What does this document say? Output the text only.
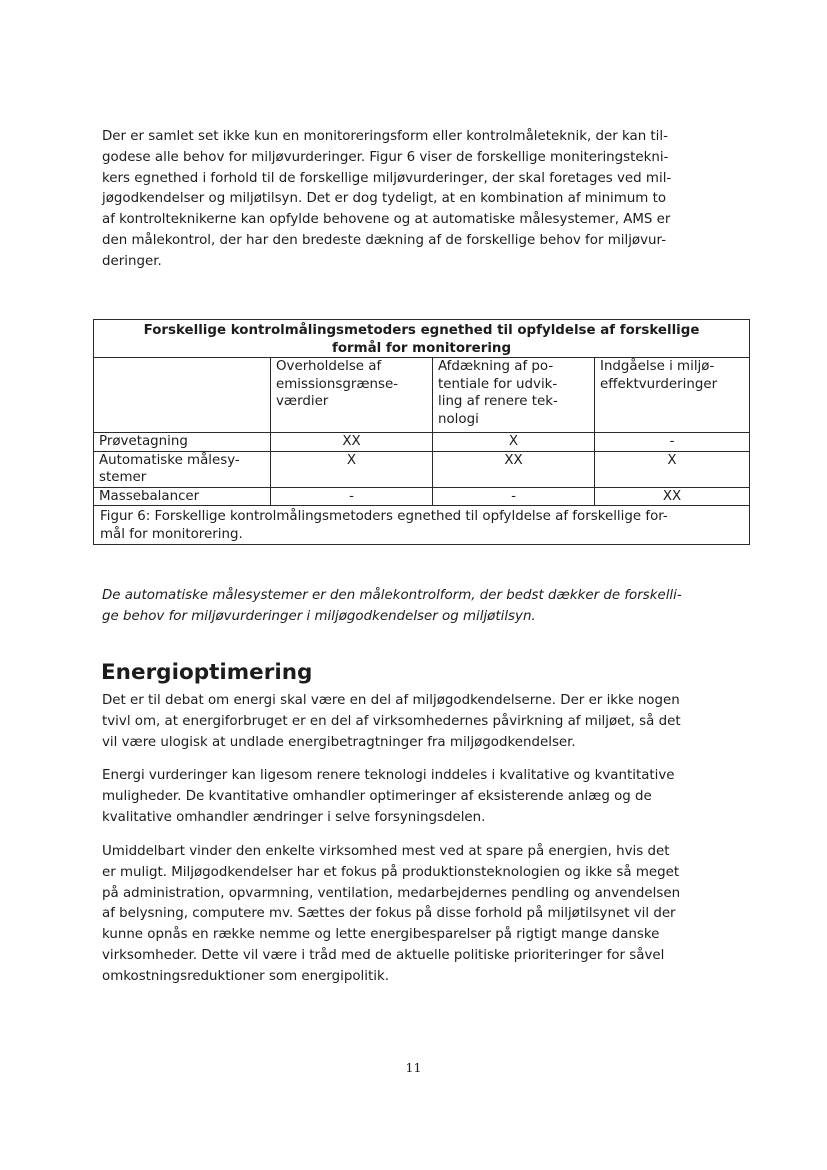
Der er samlet set ikke kun en monitoreringsform eller kontrolmåleteknik, der kan til-
godese alle behov for miljøvurderinger. Figur 6 viser de forskellige moniteringstekni-
kers egnethed i forhold til de forskellige miljøvurderinger, der skal foretages ved mil-
jøgodkendelser og miljøtilsyn. Det er dog tydeligt, at en kombination af minimum to
af kontrolteknikerne kan opfylde behovene og at automatiske målesystemer, AMS er
den målekontrol, der har den bredeste dækning af de forskellige behov for miljøvur-
deringer.

Forskellige kontrolmålingsmetoders egnethed til opfyldelse af forskellige
formål for monitorering			

	Overholdelse af
emissionsgrænse-
værdier	Afdækning af po-
tentiale for udvik-
ling af renere tek-
nologi	Indgåelse i miljø-
effektvurderinger

Prøvetagning	XX	X	-

Automatiske målesy-
stemer	X	XX	X

Massebalancer	-	-	XX

Figur 6: Forskellige kontrolmålingsmetoders egnethed til opfyldelse af forskellige for-
mål for monitorering.			

De automatiske målesystemer er den målekontrolform, der bedst dækker de forskelli-
ge behov for miljøvurderinger i miljøgodkendelser og miljøtilsyn.

Energioptimering

Det er til debat om energi skal være en del af miljøgodkendelserne. Der er ikke nogen
tvivl om, at energiforbruget er en del af virksomhedernes påvirkning af miljøet, så det
vil være ulogisk at undlade energibetragtninger fra miljøgodkendelser.

Energi vurderinger kan ligesom renere teknologi inddeles i kvalitative og kvantitative
muligheder. De kvantitative omhandler optimeringer af eksisterende anlæg og de
kvalitative omhandler ændringer i selve forsyningsdelen.

Umiddelbart vinder den enkelte virksomhed mest ved at spare på energien, hvis det
er muligt. Miljøgodkendelser har et fokus på produktionsteknologien og ikke så meget
på administration, opvarmning, ventilation, medarbejdernes pendling og anvendelsen
af belysning, computere mv. Sættes der fokus på disse forhold på miljøtilsynet vil der
kunne opnås en række nemme og lette energibesparelser på rigtigt mange danske
virksomheder. Dette vil være i tråd med de aktuelle politiske prioriteringer for såvel
omkostningsreduktioner som energipolitik.

11
